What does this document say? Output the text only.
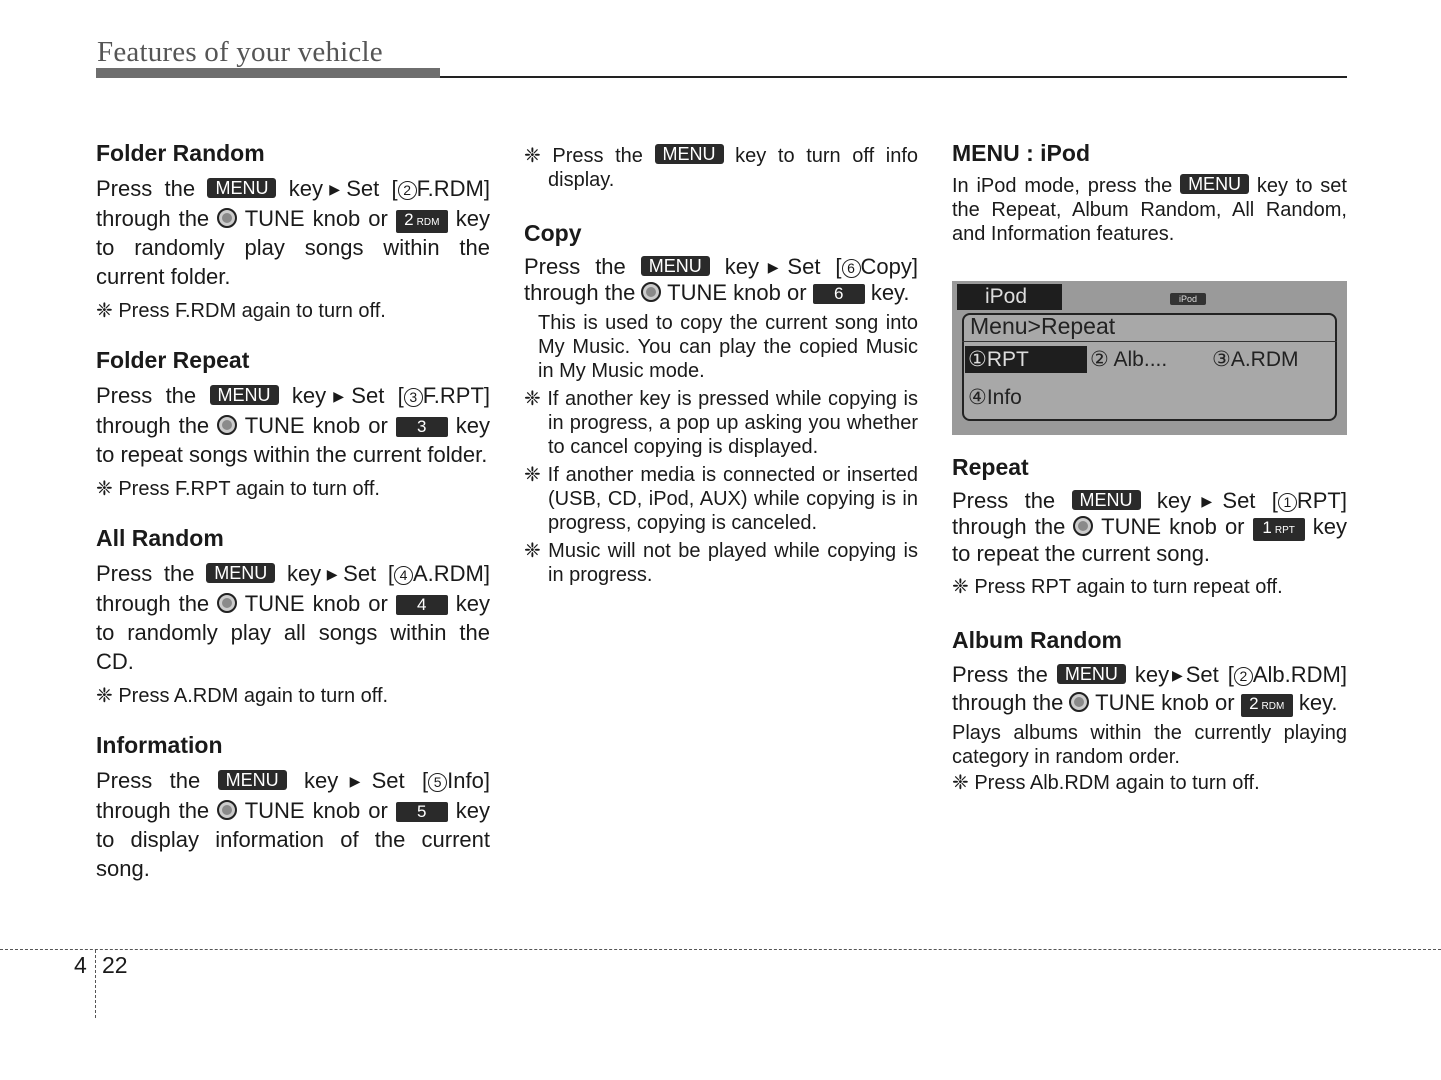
Features of your vehicle
Folder Random

Press the MENU key▶Set [ 2 F.RDM] through the TUNE knob or 2 RDM key to randomly play songs within the current folder.

❈ Press F.RDM again to turn off.

Folder Repeat

Press the MENU key▶Set [ 3 F.RPT] through the TUNE knob or 3 key to repeat songs within the current folder.

❈ Press F.RPT again to turn off.

All Random

Press the MENU key▶Set [ 4 A.RDM] through the TUNE knob or 4 key to randomly play all songs within the CD.

❈ Press A.RDM again to turn off.

Information

Press the MENU key▶Set [ 5 Info] through the TUNE knob or 5 key to display information of the current song.

❈ Press the MENU key to turn off info display.

Copy

Press the MENU key▶Set [ 6 Copy] through the TUNE knob or 6 key.

This is used to copy the current song into My Music. You can play the copied Music in My Music mode.

❈ If another key is pressed while copying is in progress, a pop up asking you whether to cancel copying is displayed.

❈ If another media is connected or inserted (USB, CD, iPod, AUX) while copying is in progress, copying is canceled.

❈ Music will not be played while copying is in progress.

MENU : iPod

In iPod mode, press the MENU key to set the Repeat, Album Random, All Random, and Information features.

iPod	iPod
Menu>Repeat
①RPT	② Alb.... ③A.RDM
④Info
Repeat

Press the MENU key▶Set [ 1 RPT] through the TUNE knob or 1 RPT key to repeat the current song.

❈ Press RPT again to turn repeat off.

Album Random

Press the MENU key▶Set [ 2 Alb.RDM] through the TUNE knob or 2 RDM key.

Plays albums within the currently playing category in random order.

❈ Press Alb.RDM again to turn off.

4 22
